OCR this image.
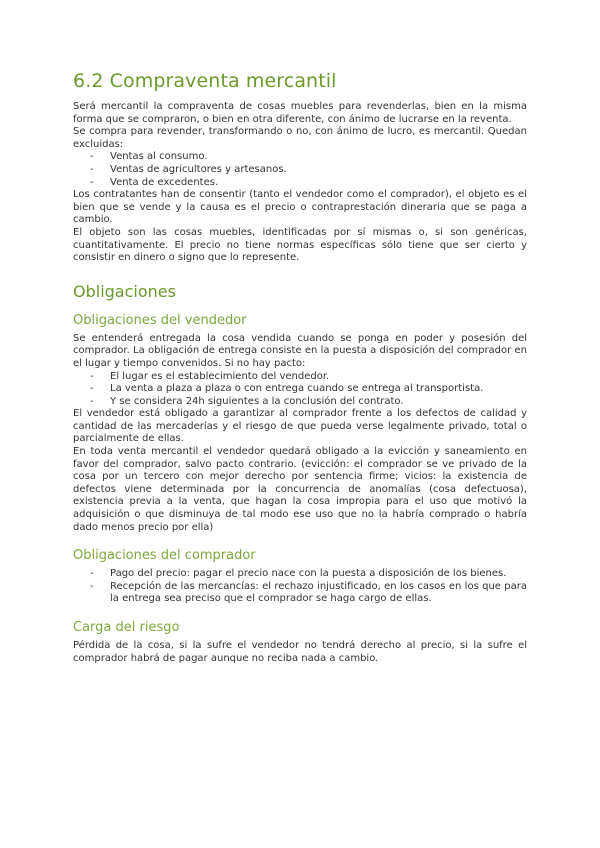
6.2 Compraventa mercantil

Será mercantil la compraventa de cosas muebles para revenderlas, bien en la misma forma que se compraron, o bien en otra diferente, con ánimo de lucrarse en la reventa.

Se compra para revender, transformando o no, con ánimo de lucro, es mercantil. Quedan excluidas:

- Ventas al consumo.
- Ventas de agricultores y artesanos.
- Venta de excedentes.

Los contratantes han de consentir (tanto el vendedor como el comprador), el objeto es el bien que se vende y la causa es el precio o contraprestación dineraria que se paga a cambio.

El objeto son las cosas muebles, identificadas por sí mismas o, si son genéricas, cuantitativamente. El precio no tiene normas específicas sólo tiene que ser cierto y consistir en dinero o signo que lo represente.

Obligaciones
Obligaciones del vendedor

Se entenderá entregada la cosa vendida cuando se ponga en poder y posesión del comprador. La obligación de entrega consiste en la puesta a disposición del comprador en el lugar y tiempo convenidos. Si no hay pacto:

- El lugar es el establecimiento del vendedor.
- La venta a plaza a plaza o con entrega cuando se entrega al transportista.
- Y se considera 24h siguientes a la conclusión del contrato.

El vendedor está obligado a garantizar al comprador frente a los defectos de calidad y cantidad de las mercaderías y el riesgo de que pueda verse legalmente privado, total o parcialmente de ellas.

En toda venta mercantil el vendedor quedará obligado a la evicción y saneamiento en favor del comprador, salvo pacto contrario. (evicción: el comprador se ve privado de la cosa por un tercero con mejor derecho por sentencia firme; vicios: la existencia de defectos viene determinada por la concurrencia de anomalías (cosa defectuosa), existencia previa a la venta, que hagan la cosa impropia para el uso que motivó la adquisición o que disminuya de tal modo ese uso que no la habría comprado o habría dado menos precio por ella)

Obligaciones del comprador
- Pago del precio: pagar el precio nace con la puesta a disposición de los bienes.
- Recepción de las mercancías: el rechazo injustificado, en los casos en los que para la entrega sea preciso que el comprador se haga cargo de ellas.
Carga del riesgo

Pérdida de la cosa, si la sufre el vendedor no tendrá derecho al precio, si la sufre el comprador habrá de pagar aunque no reciba nada a cambio.
